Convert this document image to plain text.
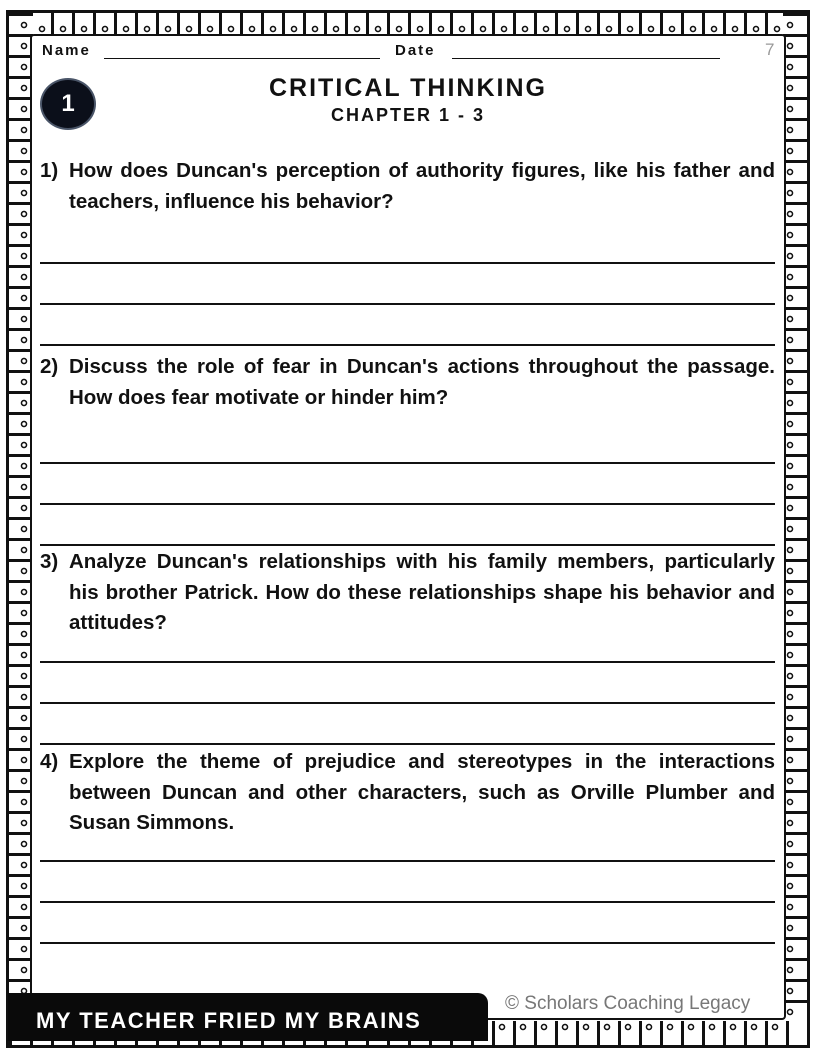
Name	Date	7
1
CRITICAL THINKING
CHAPTER 1 - 3
1) How does Duncan's perception of authority figures, like his father and teachers, influence his behavior?
2) Discuss the role of fear in Duncan's actions throughout the passage. How does fear motivate or hinder him?
3) Analyze Duncan's relationships with his family members, particularly his brother Patrick. How do these relationships shape his behavior and attitudes?
4) Explore the theme of prejudice and stereotypes in the interactions between Duncan and other characters, such as Orville Plumber and Susan Simmons.
MY TEACHER FRIED MY BRAINS
© Scholars Coaching Legacy
